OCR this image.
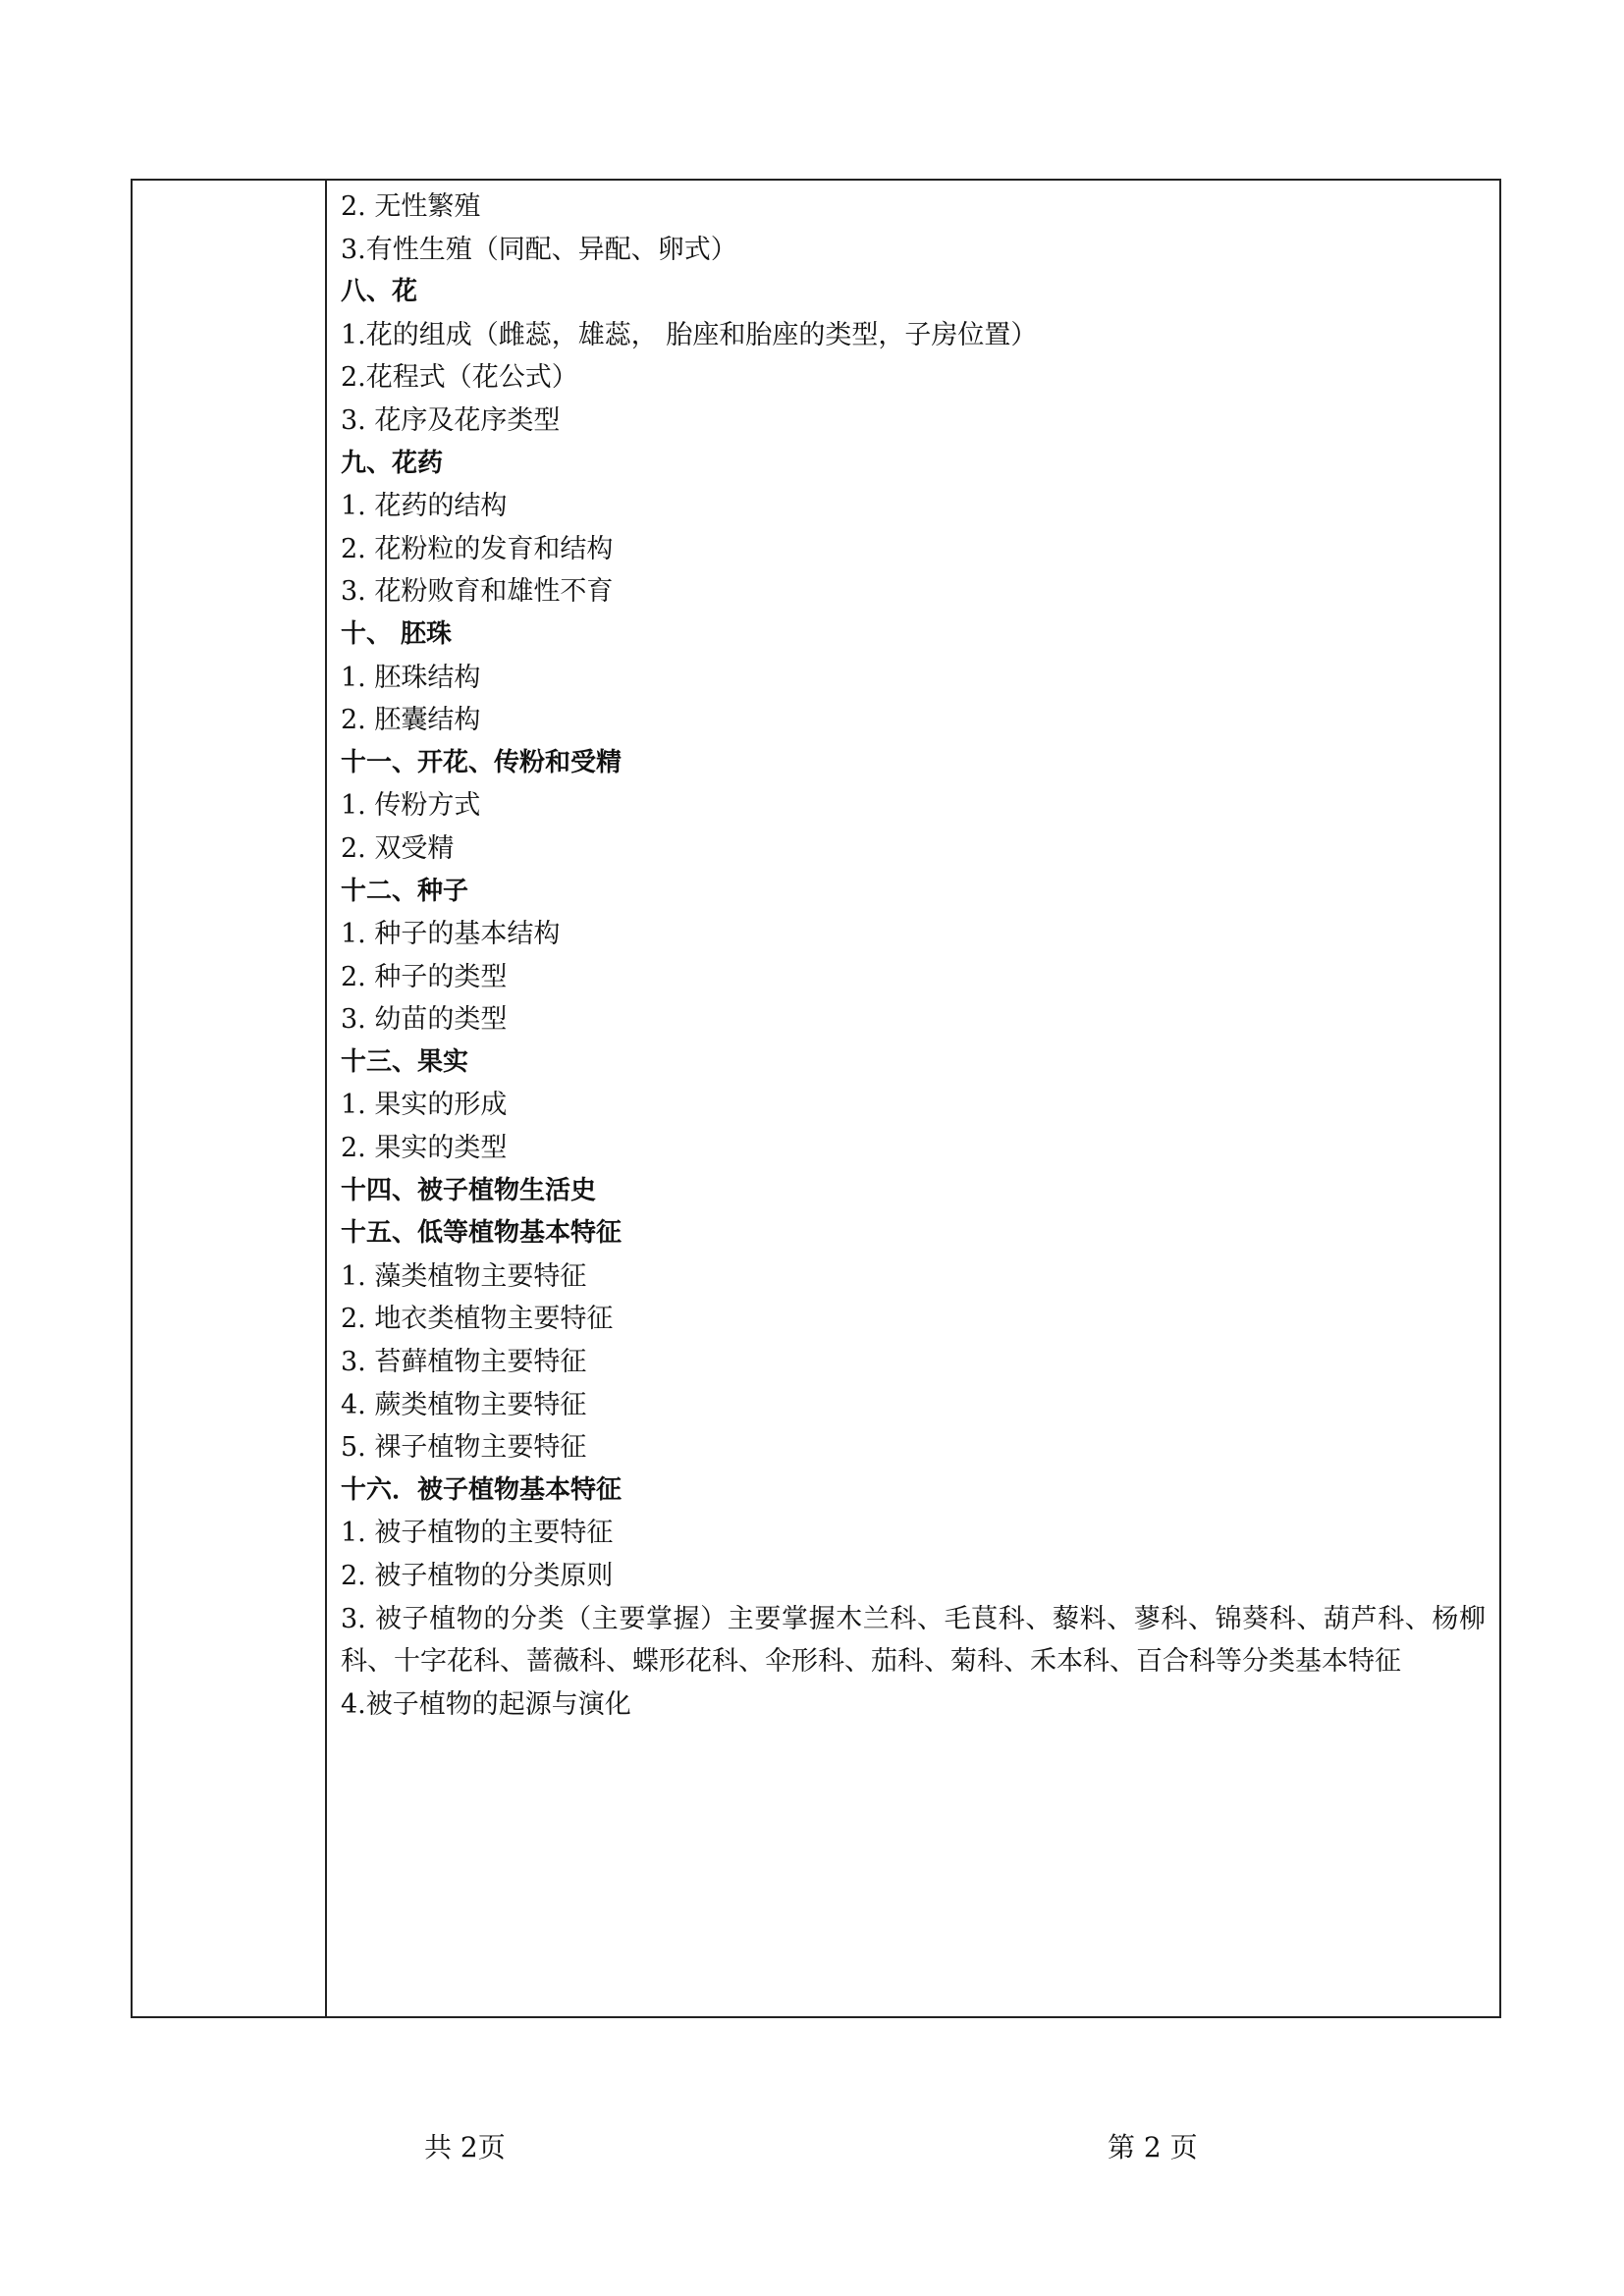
2. 无性繁殖

3.有性生殖（同配、异配、卵式）

八、花

1.花的组成（雌蕊，雄蕊， 胎座和胎座的类型，子房位置）

2.花程式（花公式）

3. 花序及花序类型

九、花药

1. 花药的结构

2. 花粉粒的发育和结构

3. 花粉败育和雄性不育

十、 胚珠

1. 胚珠结构

2. 胚囊结构

十一、开花、传粉和受精

1. 传粉方式

2. 双受精

十二、种子

1. 种子的基本结构

2. 种子的类型

3. 幼苗的类型

十三、果实

1. 果实的形成

2. 果实的类型

十四、被子植物生活史

十五、低等植物基本特征

1. 藻类植物主要特征

2. 地衣类植物主要特征

3. 苔藓植物主要特征

4. 蕨类植物主要特征

5. 裸子植物主要特征

十六．被子植物基本特征

1. 被子植物的主要特征

2. 被子植物的分类原则

3. 被子植物的分类（主要掌握）主要掌握木兰科、毛茛科、藜料、蓼科、锦葵科、葫芦科、杨柳科、十字花科、蔷薇科、蝶形花科、伞形科、茄科、菊科、禾本科、百合科等分类基本特征

4.被子植物的起源与演化

共 2页	第 2 页
